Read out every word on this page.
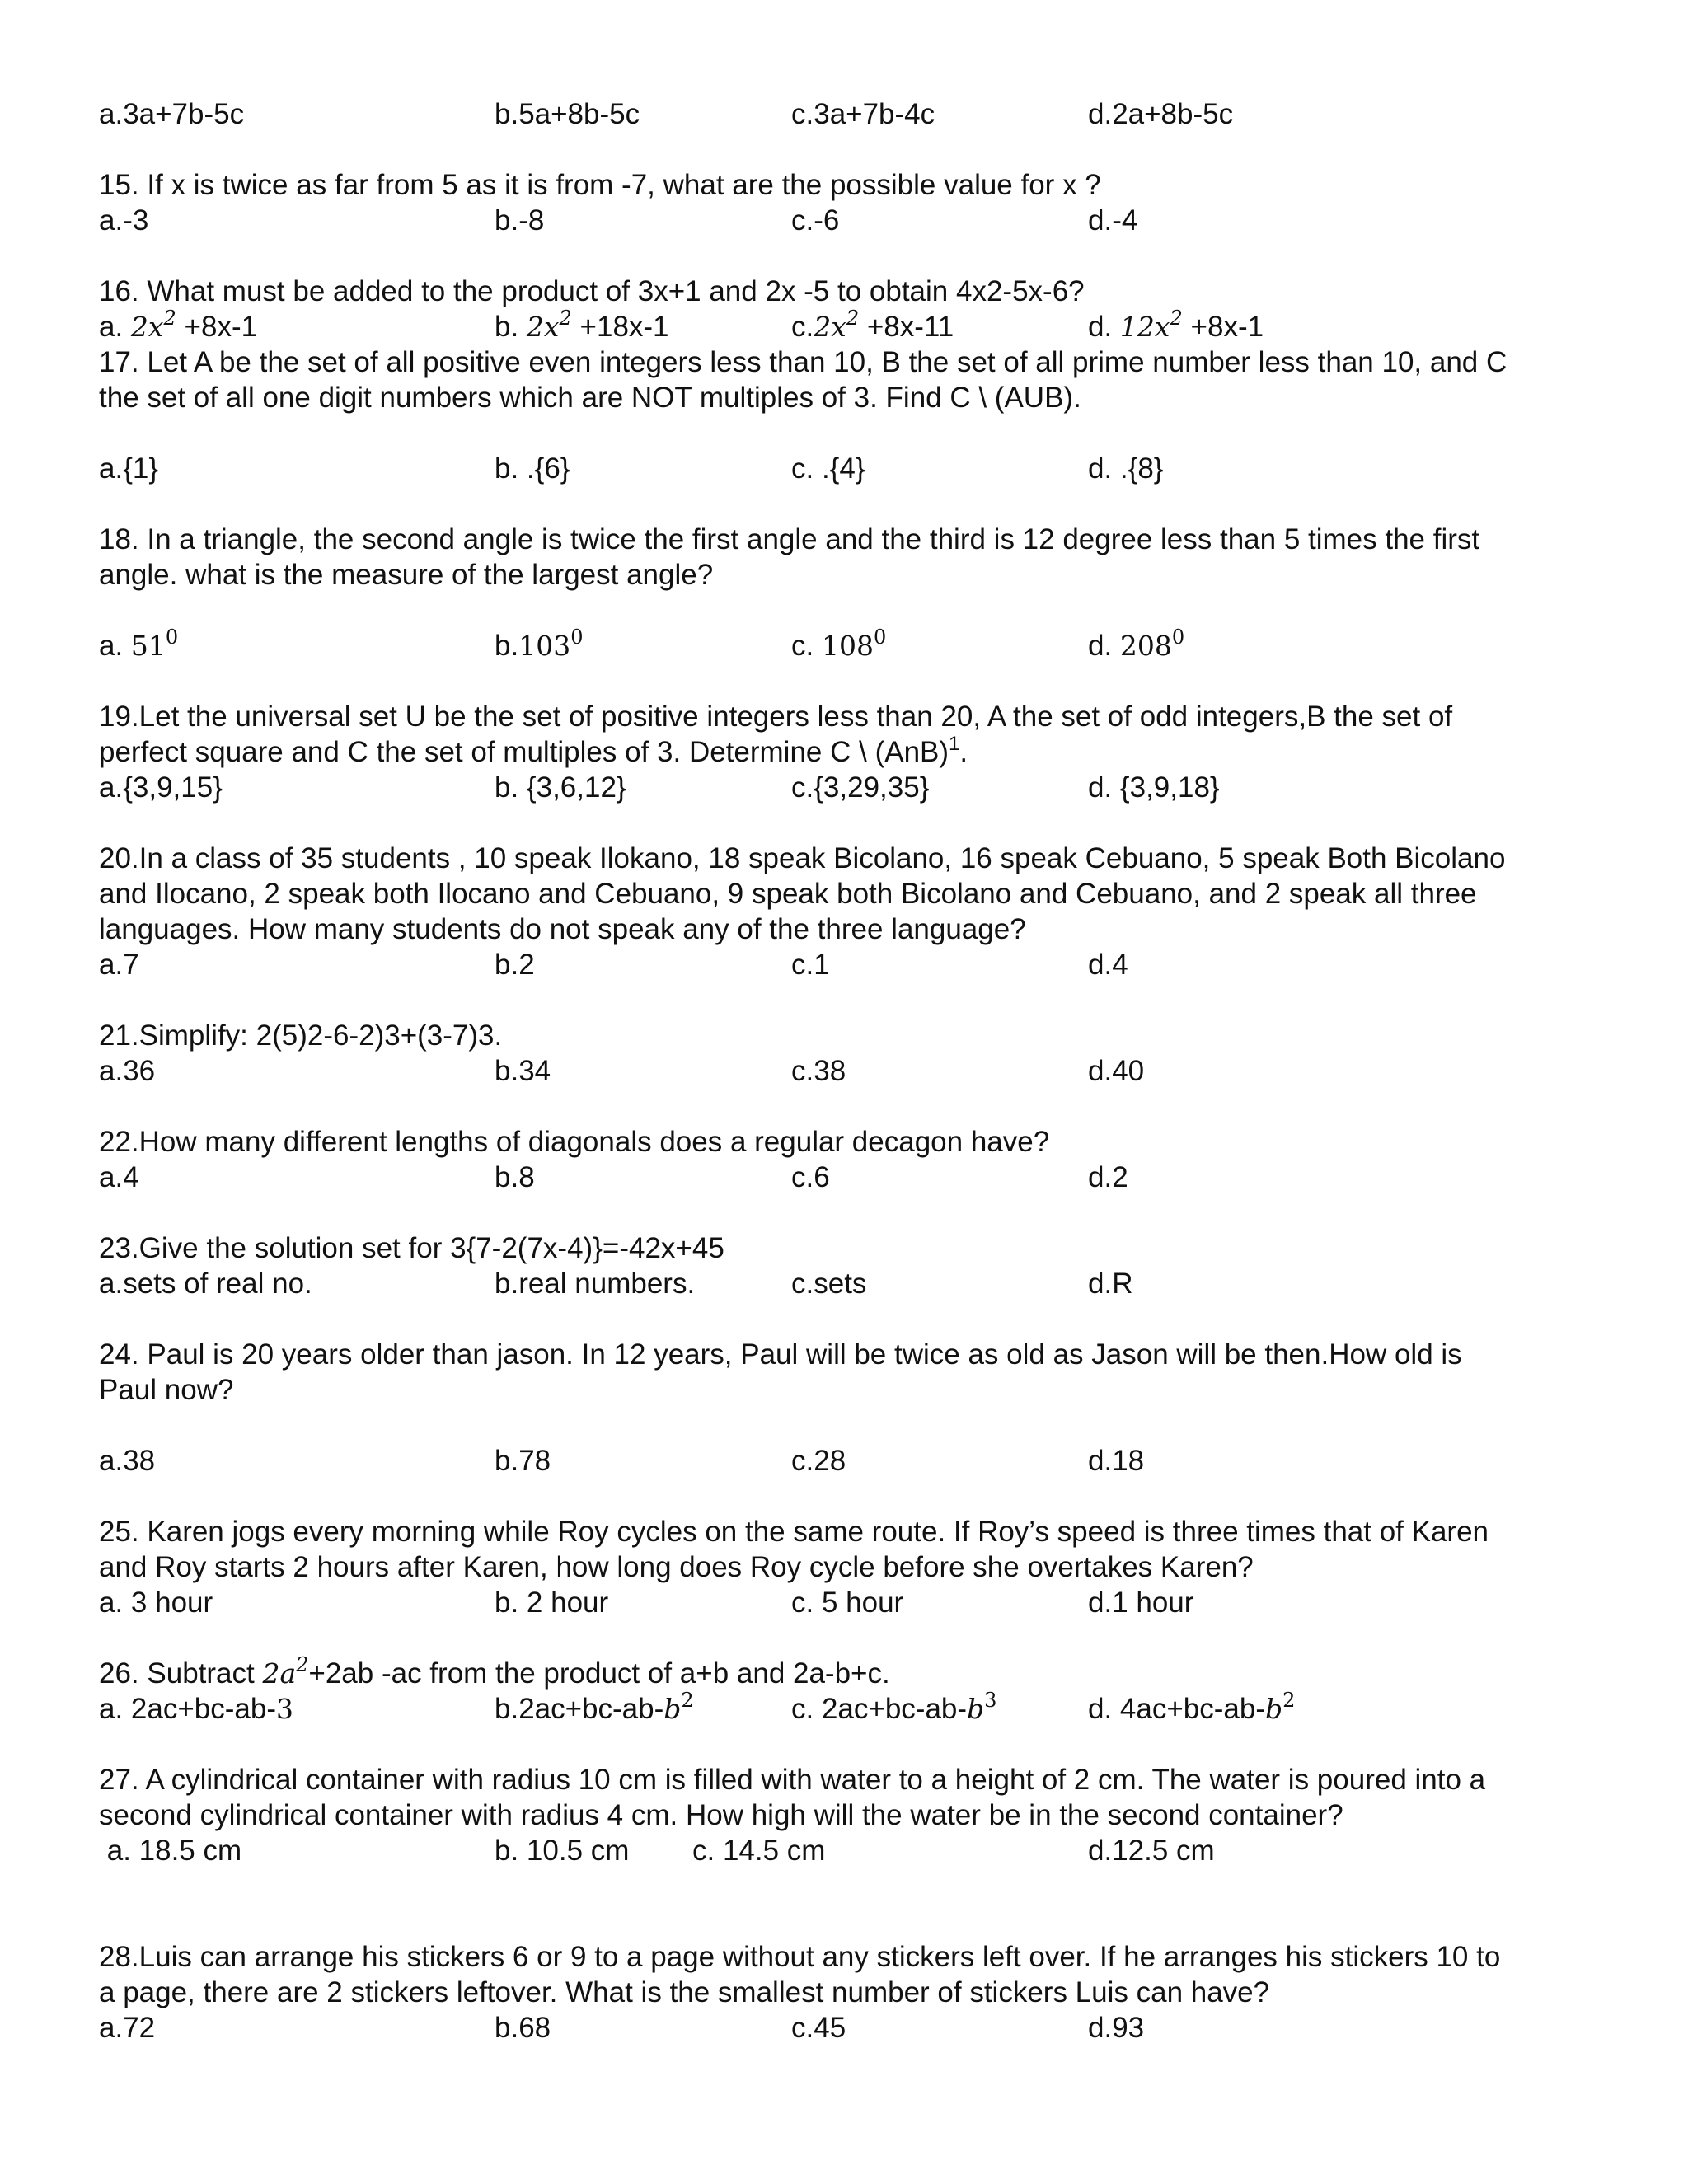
a.3a+7b-5c	b.5a+8b-5c	c.3a+7b-4c	d.2a+8b-5c
15. If x is twice as far from 5 as it is from -7, what are the possible value for x ?
a.-3	b.-8	c.-6	d.-4
16. What must be added to the product of 3x+1 and 2x -5 to obtain 4x2-5x-6?
a. $2x^2 +8x-1$	b. $2x^2 +18x-1$	$c.2x^2 +8x-11$	d. $12x^2 +8x-1$
17. Let A be the set of all positive even integers less than 10, B the set of all prime number less than 10, and C
the set of all one digit numbers which are NOT multiples of 3. Find C \ (AUB).
a.{1}	b. .{6}	c. .{4}	d. .{8}
18. In a triangle, the second angle is twice the first angle and the third is 12 degree less than 5 times the first
angle. what is the measure of the largest angle?
a. $51^0$	b.103$^0$	c. $108^0$	d. $208^0$
19.Let the universal set U be the set of positive integers less than 20, A the set of odd integers,B the set of
perfect square and C the set of multiples of 3. Determine C \ (AnB)$^1$.
a.{3,9,15}	b. {3,6,12}	c.{3,29,35}	d. {3,9,18}
20.In a class of 35 students , 10 speak Ilokano, 18 speak Bicolano, 16 speak Cebuano, 5 speak Both Bicolano
and Ilocano, 2 speak both Ilocano and Cebuano, 9 speak both Bicolano and Cebuano, and 2 speak all three
languages. How many students do not speak any of the three language?
a.7	b.2	c.1	d.4
21.Simplify: 2(5)2-6-2)3+(3-7)3.
a.36	b.34	c.38	d.40
22.How many different lengths of diagonals does a regular decagon have?
a.4	b.8	c.6	d.2
23.Give the solution set for 3{7-2(7x-4)}=-42x+45
a.sets of real no.	b.real numbers.	c.sets	d.R
24. Paul is 20 years older than jason. In 12 years, Paul will be twice as old as Jason will be then.How old is
Paul now?
a.38	b.78	c.28	d.18
25. Karen jogs every morning while Roy cycles on the same route. If Roy’s speed is three times that of Karen
and Roy starts 2 hours after Karen, how long does Roy cycle before she overtakes Karen?
a. 3 hour	b. 2 hour	c. 5 hour	d.1 hour
26. Subtract $2a^2+2ab$ -ac from the product of a+b and 2a-b+c.
a. 2ac+bc-ab-3	$b.2ac+bc-ab-b^2$	c. $2ac+bc-ab-b^3$	d. $4ac+bc-ab-b^2$
27. A cylindrical container with radius 10 cm is filled with water to a height of 2 cm. The water is poured into a
second cylindrical container with radius 4 cm. How high will the water be in the second container?
a. 18.5 cm	b. 10.5 cm	c. 14.5 cm	d.12.5 cm
28.Luis can arrange his stickers 6 or 9 to a page without any stickers left over. If he arranges his stickers 10 to
a page, there are 2 stickers leftover. What is the smallest number of stickers Luis can have?
a.72	b.68	c.45	d.93
